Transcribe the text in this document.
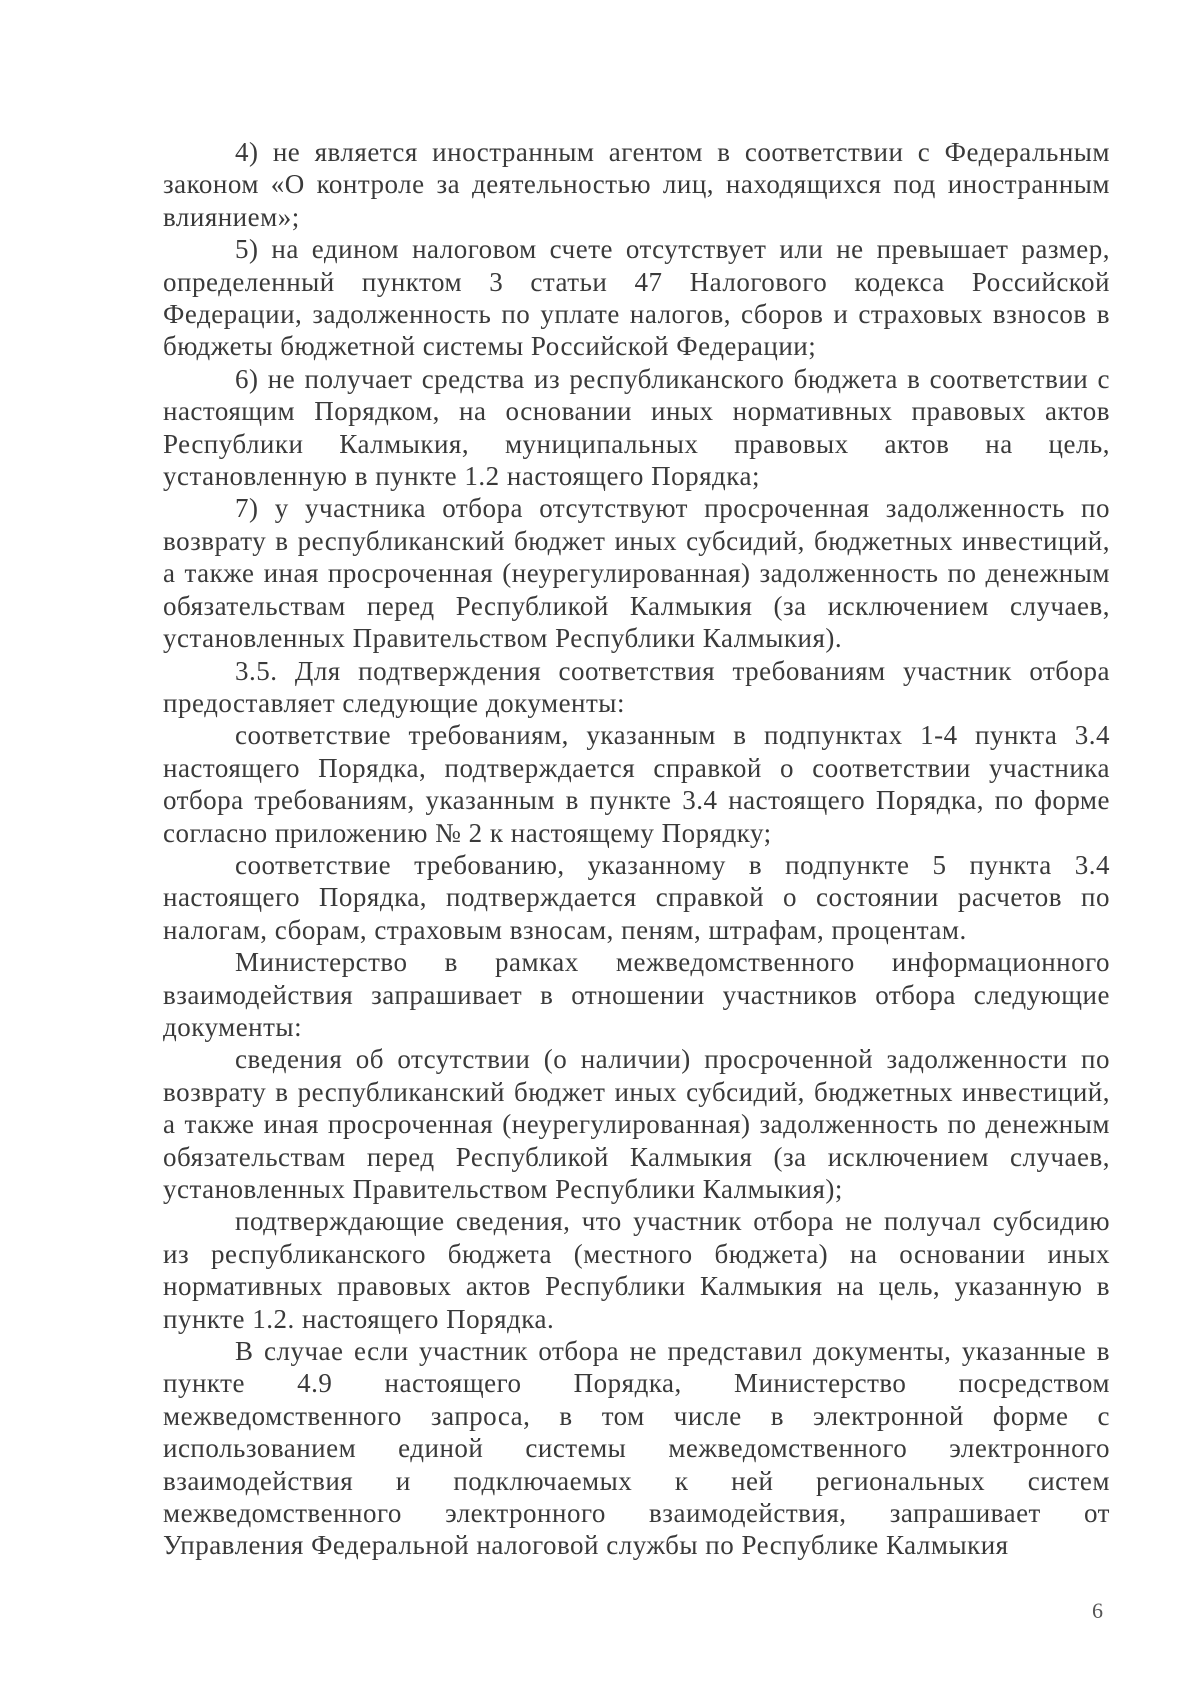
4) не является иностранным агентом в соответствии с Федеральным законом «О контроле за деятельностью лиц, находящихся под иностранным влиянием»;

5) на едином налоговом счете отсутствует или не превышает размер, определенный пунктом 3 статьи 47 Налогового кодекса Российской Федерации, задолженность по уплате налогов, сборов и страховых взносов в бюджеты бюджетной системы Российской Федерации;

6) не получает средства из республиканского бюджета в соответствии с настоящим Порядком, на основании иных нормативных правовых актов Республики Калмыкия, муниципальных правовых актов на цель, установленную в пункте 1.2 настоящего Порядка;

7) у участника отбора отсутствуют просроченная задолженность по возврату в республиканский бюджет иных субсидий, бюджетных инвестиций, а также иная просроченная (неурегулированная) задолженность по денежным обязательствам перед Республикой Калмыкия (за исключением случаев, установленных Правительством Республики Калмыкия).

3.5. Для подтверждения соответствия требованиям участник отбора предоставляет следующие документы:

соответствие требованиям, указанным в подпунктах 1-4 пункта 3.4 настоящего Порядка, подтверждается справкой о соответствии участника отбора требованиям, указанным в пункте 3.4 настоящего Порядка, по форме согласно приложению № 2 к настоящему Порядку;

соответствие требованию, указанному в подпункте 5 пункта 3.4 настоящего Порядка, подтверждается справкой о состоянии расчетов по налогам, сборам, страховым взносам, пеням, штрафам, процентам.

Министерство в рамках межведомственного информационного взаимодействия запрашивает в отношении участников отбора следующие документы:

сведения об отсутствии (о наличии) просроченной задолженности по возврату в республиканский бюджет иных субсидий, бюджетных инвестиций, а также иная просроченная (неурегулированная) задолженность по денежным обязательствам перед Республикой Калмыкия (за исключением случаев, установленных Правительством Республики Калмыкия);

подтверждающие сведения, что участник отбора не получал субсидию из республиканского бюджета (местного бюджета) на основании иных нормативных правовых актов Республики Калмыкия на цель, указанную в пункте 1.2. настоящего Порядка.

В случае если участник отбора не представил документы, указанные в пункте 4.9 настоящего Порядка, Министерство посредством межведомственного запроса, в том числе в электронной форме с использованием единой системы межведомственного электронного взаимодействия и подключаемых к ней региональных систем межведомственного электронного взаимодействия, запрашивает от Управления Федеральной налоговой службы по Республике Калмыкия

6
